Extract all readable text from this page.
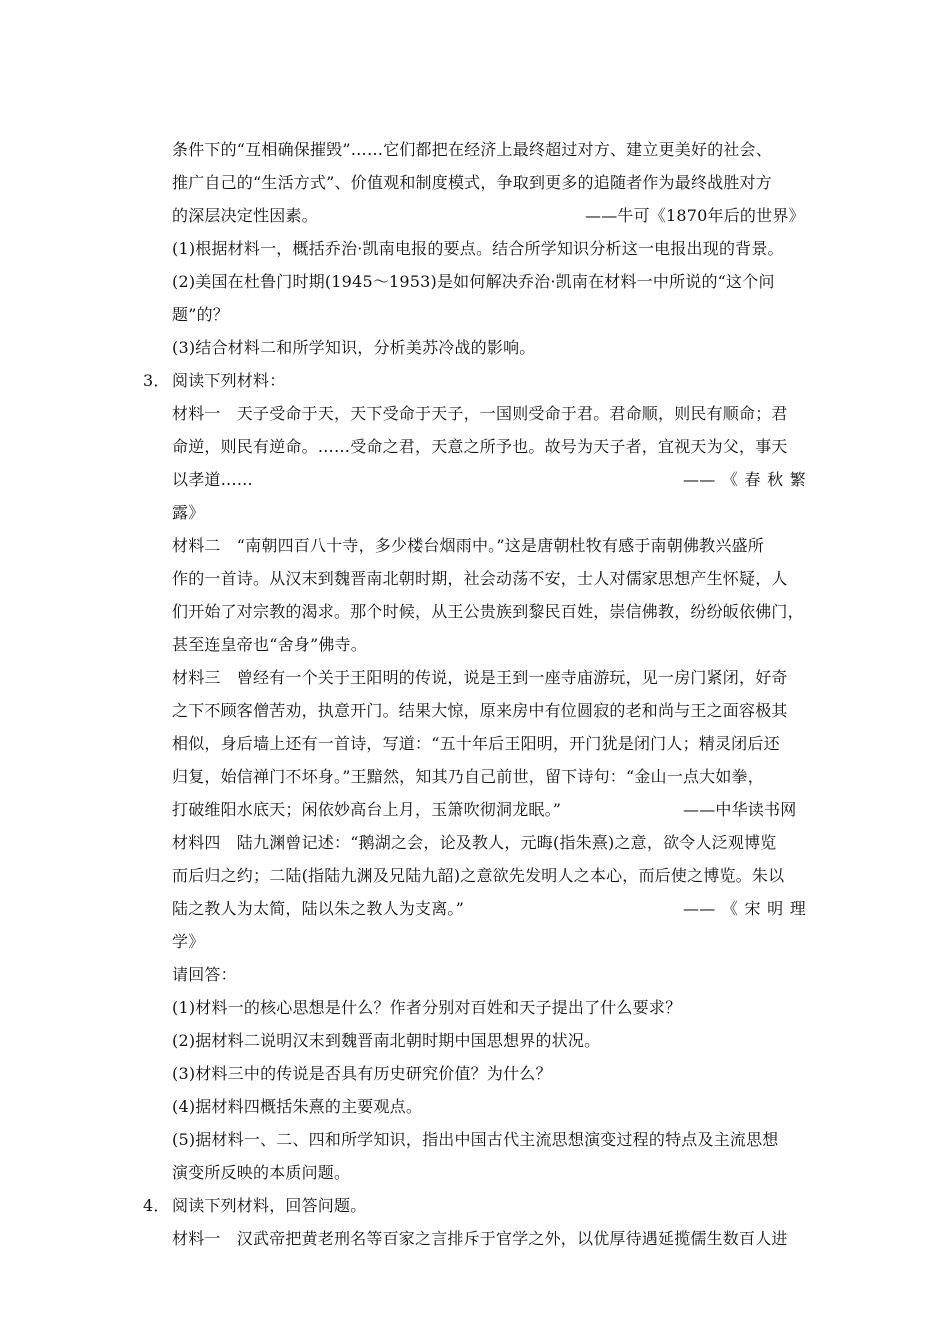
条件下的“互相确保摧毁”……它们都把在经济上最终超过对方、建立更美好的社会、
推广自己的“生活方式”、价值观和制度模式，争取到更多的追随者作为最终战胜对方
的深层决定性因素。	——牛可《1870年后的世界》
(1)根据材料一，概括乔治·凯南电报的要点。结合所学知识分析这一电报出现的背景。
(2)美国在杜鲁门时期(1945～1953)是如何解决乔治·凯南在材料一中所说的“这个问
题”的？
(3)结合材料二和所学知识，分析美苏冷战的影响。
3． 阅读下列材料：
材料一　天子受命于天，天下受命于天子，一国则受命于君。君命顺，则民有顺命；君
命逆，则民有逆命。……受命之君，天意之所予也。故号为天子者，宜视天为父，事天
以孝道……	—— 《 春 秋 繁
露》
材料二　“南朝四百八十寺，多少楼台烟雨中。”这是唐朝杜牧有感于南朝佛教兴盛所
作的一首诗。从汉末到魏晋南北朝时期，社会动荡不安，士人对儒家思想产生怀疑，人
们开始了对宗教的渴求。那个时候，从王公贵族到黎民百姓，崇信佛教，纷纷皈依佛门，
甚至连皇帝也“舍身”佛寺。
材料三　曾经有一个关于王阳明的传说，说是王到一座寺庙游玩，见一房门紧闭，好奇
之下不顾客僧苦劝，执意开门。结果大惊，原来房中有位圆寂的老和尚与王之面容极其
相似，身后墙上还有一首诗，写道：“五十年后王阳明，开门犹是闭门人；精灵闭后还
归复，始信禅门不坏身。”王黯然，知其乃自己前世，留下诗句：“金山一点大如拳，
打破维阳水底天；闲依妙高台上月，玉箫吹彻洞龙眠。”	——中华读书网
材料四　陆九渊曾记述：“鹅湖之会，论及教人，元晦(指朱熹)之意，欲令人泛观博览
而后归之约；二陆(指陆九渊及兄陆九韶)之意欲先发明人之本心，而后使之博览。朱以
陆之教人为太简，陆以朱之教人为支离。”	—— 《 宋 明 理
学》
请回答：
(1)材料一的核心思想是什么？作者分别对百姓和天子提出了什么要求？
(2)据材料二说明汉末到魏晋南北朝时期中国思想界的状况。
(3)材料三中的传说是否具有历史研究价值？为什么？
(4)据材料四概括朱熹的主要观点。
(5)据材料一、二、四和所学知识，指出中国古代主流思想演变过程的特点及主流思想
演变所反映的本质问题。
4． 阅读下列材料，回答问题。
材料一　汉武帝把黄老刑名等百家之言排斥于官学之外，以优厚待遇延揽儒生数百人进
